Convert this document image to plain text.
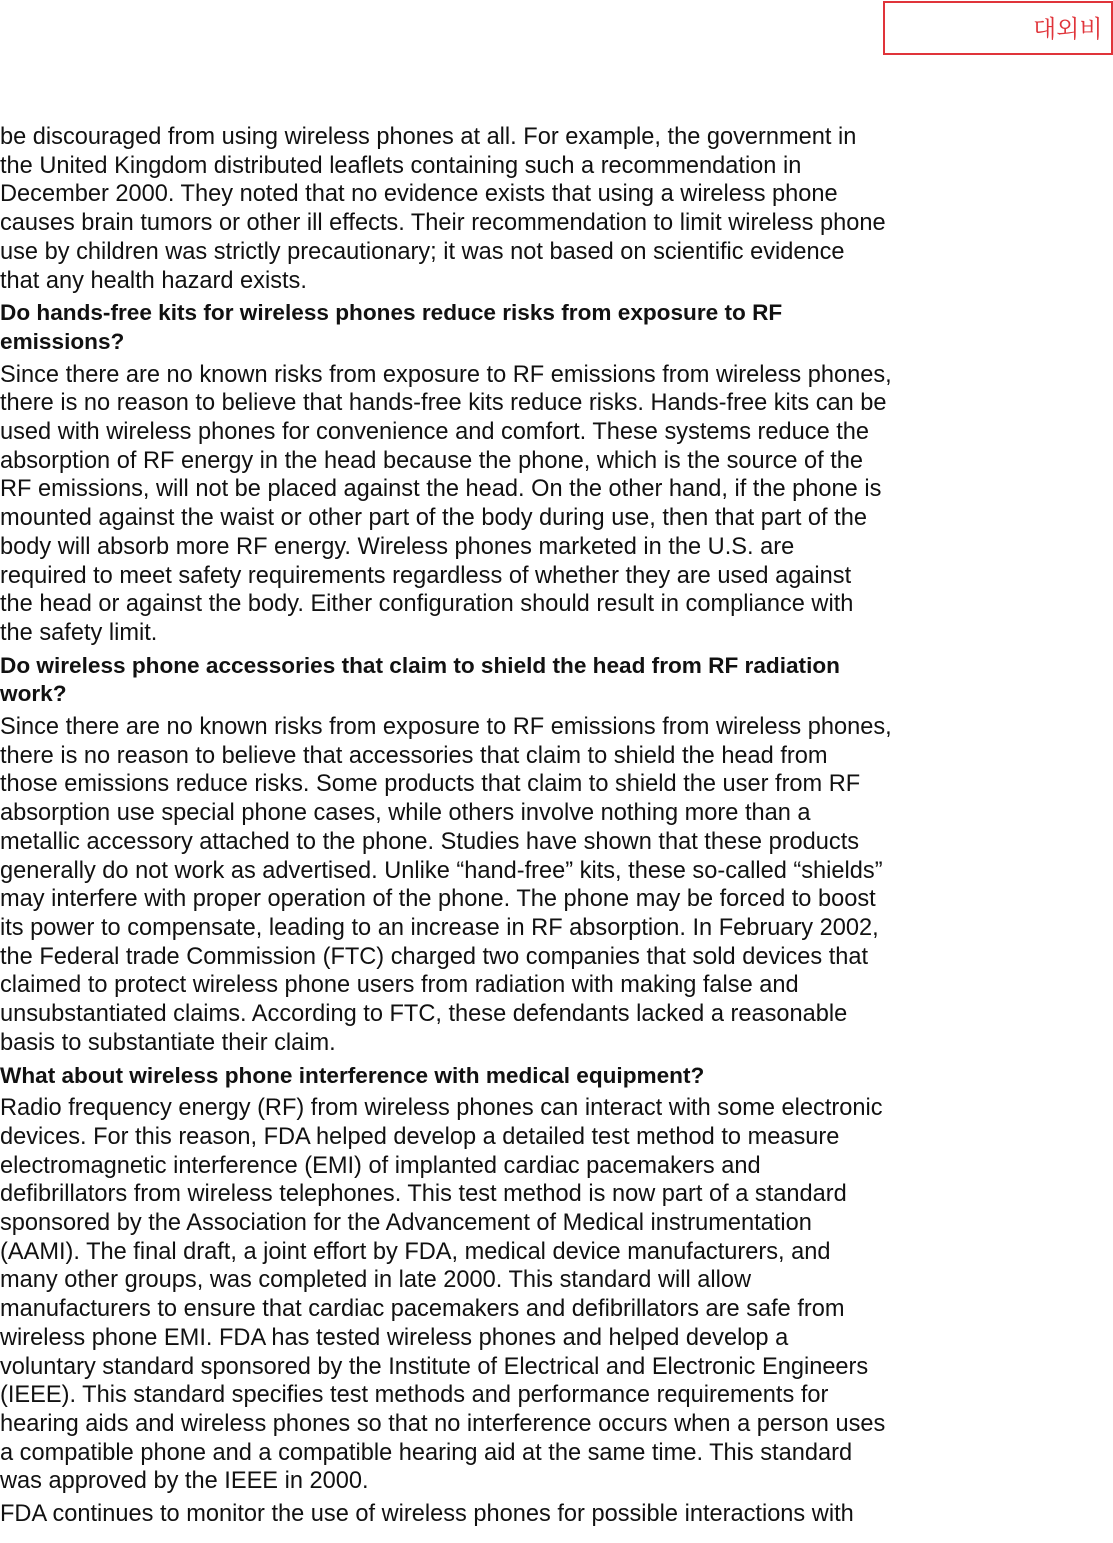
대외비

be discouraged from using wireless phones at all. For example, the government in
the United Kingdom distributed leaflets containing such a recommendation in
December 2000. They noted that no evidence exists that using a wireless phone
causes brain tumors or other ill effects. Their recommendation to limit wireless phone
use by children was strictly precautionary; it was not based on scientific evidence
that any health hazard exists.

Do hands-free kits for wireless phones reduce risks from exposure to RF
emissions?

Since there are no known risks from exposure to RF emissions from wireless phones,
there is no reason to believe that hands-free kits reduce risks. Hands-free kits can be
used with wireless phones for convenience and comfort. These systems reduce the
absorption of RF energy in the head because the phone, which is the source of the
RF emissions, will not be placed against the head. On the other hand, if the phone is
mounted against the waist or other part of the body during use, then that part of the
body will absorb more RF energy. Wireless phones marketed in the U.S. are
required to meet safety requirements regardless of whether they are used against
the head or against the body. Either configuration should result in compliance with
the safety limit.

Do wireless phone accessories that claim to shield the head from RF radiation
work?

Since there are no known risks from exposure to RF emissions from wireless phones,
there is no reason to believe that accessories that claim to shield the head from
those emissions reduce risks. Some products that claim to shield the user from RF
absorption use special phone cases, while others involve nothing more than a
metallic accessory attached to the phone. Studies have shown that these products
generally do not work as advertised. Unlike “hand-free” kits, these so-called “shields”
may interfere with proper operation of the phone. The phone may be forced to boost
its power to compensate, leading to an increase in RF absorption. In February 2002,
the Federal trade Commission (FTC) charged two companies that sold devices that
claimed to protect wireless phone users from radiation with making false and
unsubstantiated claims. According to FTC, these defendants lacked a reasonable
basis to substantiate their claim.

What about wireless phone interference with medical equipment?

Radio frequency energy (RF) from wireless phones can interact with some electronic
devices. For this reason, FDA helped develop a detailed test method to measure
electromagnetic interference (EMI) of implanted cardiac pacemakers and
defibrillators from wireless telephones. This test method is now part of a standard
sponsored by the Association for the Advancement of Medical instrumentation
(AAMI). The final draft, a joint effort by FDA, medical device manufacturers, and
many other groups, was completed in late 2000. This standard will allow
manufacturers to ensure that cardiac pacemakers and defibrillators are safe from
wireless phone EMI. FDA has tested wireless phones and helped develop a
voluntary standard sponsored by the Institute of Electrical and Electronic Engineers
(IEEE). This standard specifies test methods and performance requirements for
hearing aids and wireless phones so that no interference occurs when a person uses
a compatible phone and a compatible hearing aid at the same time. This standard
was approved by the IEEE in 2000.

FDA continues to monitor the use of wireless phones for possible interactions with
